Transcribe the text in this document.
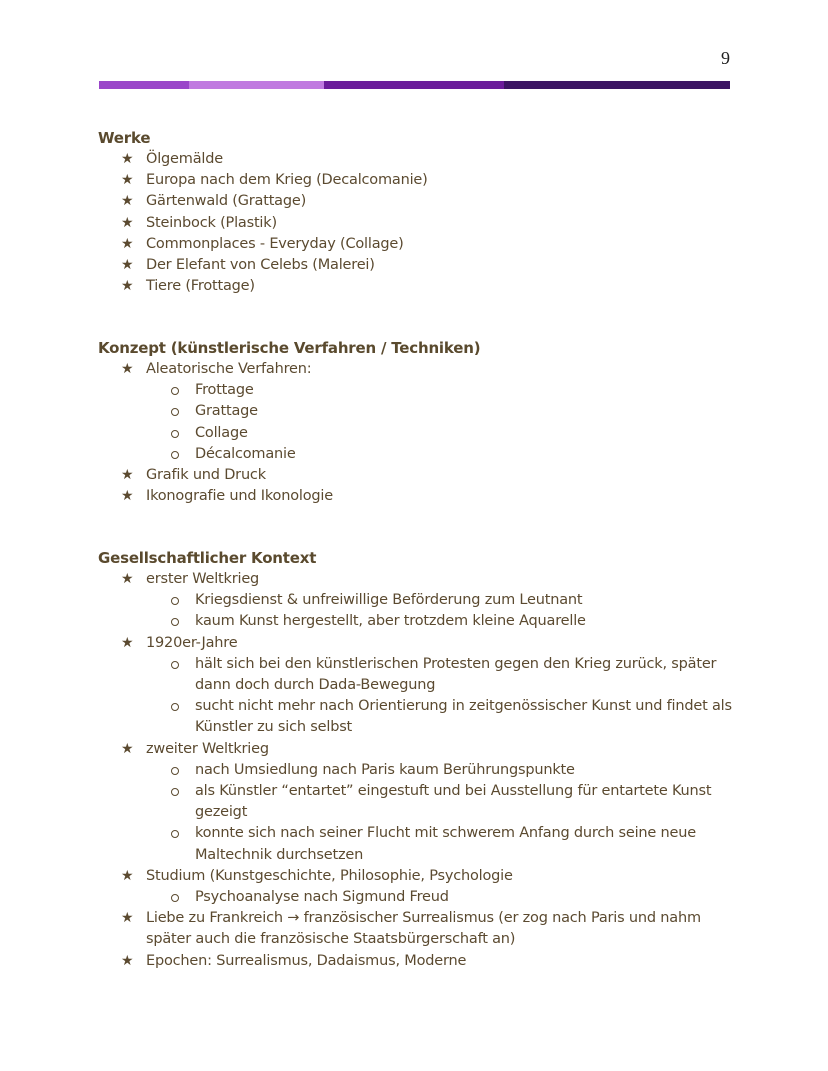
9
Werke
★ Ölgemälde
★ Europa nach dem Krieg (Decalcomanie)
★ Gärtenwald (Grattage)
★ Steinbock (Plastik)
★ Commonplaces - Everyday (Collage)
★ Der Elefant von Celebs (Malerei)
★ Tiere (Frottage)
Konzept (künstlerische Verfahren / Techniken)
★ Aleatorische Verfahren:
Frottage
Grattage
Collage
Décalcomanie
★ Grafik und Druck
★ Ikonografie und Ikonologie
Gesellschaftlicher Kontext
★ erster Weltkrieg
Kriegsdienst & unfreiwillige Beförderung zum Leutnant
kaum Kunst hergestellt, aber trotzdem kleine Aquarelle
★ 1920er-Jahre
hält sich bei den künstlerischen Protesten gegen den Krieg zurück, später dann doch durch Dada-Bewegung
sucht nicht mehr nach Orientierung in zeitgenössischer Kunst und findet als Künstler zu sich selbst
★ zweiter Weltkrieg
nach Umsiedlung nach Paris kaum Berührungspunkte
als Künstler “entartet” eingestuft und bei Ausstellung für entartete Kunst gezeigt
konnte sich nach seiner Flucht mit schwerem Anfang durch seine neue Maltechnik durchsetzen
★ Studium (Kunstgeschichte, Philosophie, Psychologie
Psychoanalyse nach Sigmund Freud
★ Liebe zu Frankreich → französischer Surrealismus (er zog nach Paris und nahm später auch die französische Staatsbürgerschaft an)
★ Epochen: Surrealismus, Dadaismus, Moderne
